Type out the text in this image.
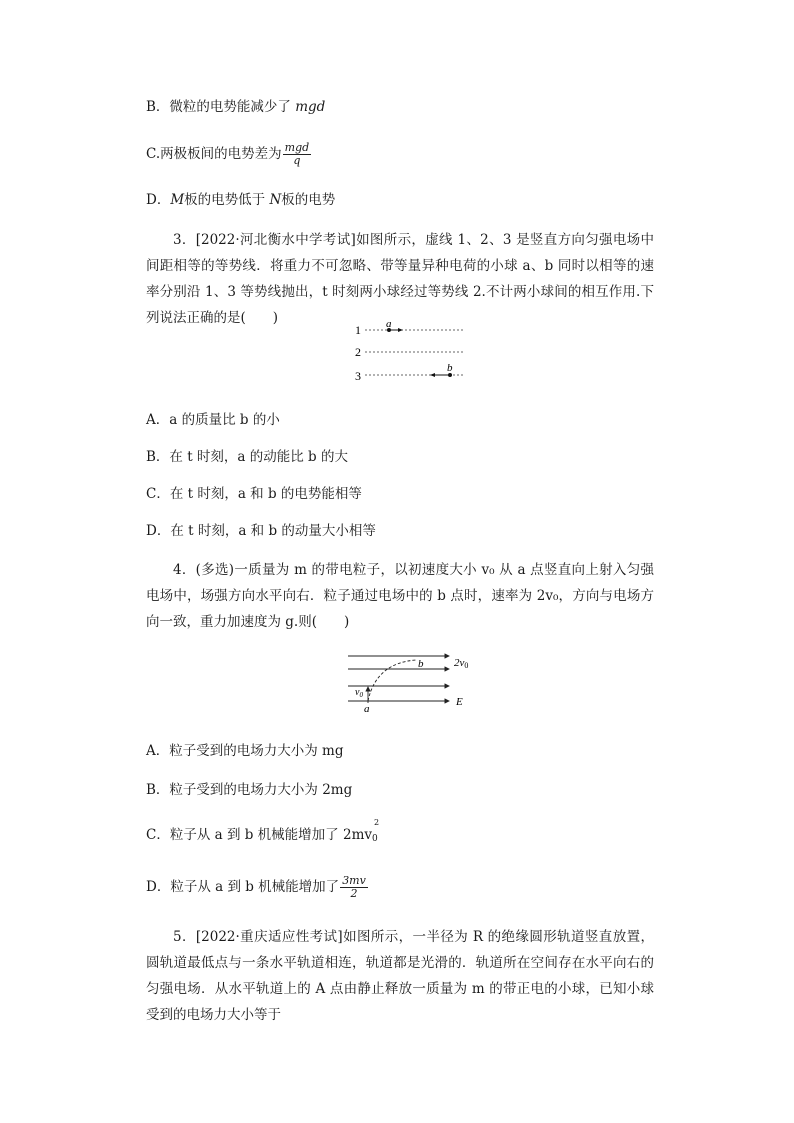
B．微粒的电势能减少了 mgd
C.两极板间的电势差为 $\frac{\text{mgd}}{q}$
D．M板的电势低于 N板的电势
3．[2022·河北衡水中学考试]如图所示，虚线 1、2、3 是竖直方向匀强电场中间距相等的等势线．将重力不可忽略、带等量异种电荷的小球 a、b 同时以相等的速率分别沿 1、3 等势线抛出，t 时刻两小球经过等势线 2.不计两小球间的相互作用.下列说法正确的是(　　)
1
2
3
a
b
A．a 的质量比 b 的小
B．在 t 时刻，a 的动能比 b 的大
C．在 t 时刻，a 和 b 的电势能相等
D．在 t 时刻，a 和 b 的动量大小相等
4．(多选)一质量为 m 的带电粒子，以初速度大小 v₀ 从 a 点竖直向上射入匀强电场中，场强方向水平向右．粒子通过电场中的 b 点时，速率为 2v₀，方向与电场方向一致，重力加速度为 g.则(　　)
2v0
b
$v_0$
a
E
A．粒子受到的电场力大小为 mg
B．粒子受到的电场力大小为 2mg
C．粒子从 a 到 b 机械能增加了 2mv
2
$_0$
D．粒子从 a 到 b 机械能增加了 $\frac{3mv}{2}$
5．[2022·重庆适应性考试]如图所示，一半径为 R 的绝缘圆形轨道竖直放置，圆轨道最低点与一条水平轨道相连，轨道都是光滑的．轨道所在空间存在水平向右的匀强电场．从水平轨道上的 A 点由静止释放一质量为 m 的带正电的小球，已知小球受到的电场力大小等于
